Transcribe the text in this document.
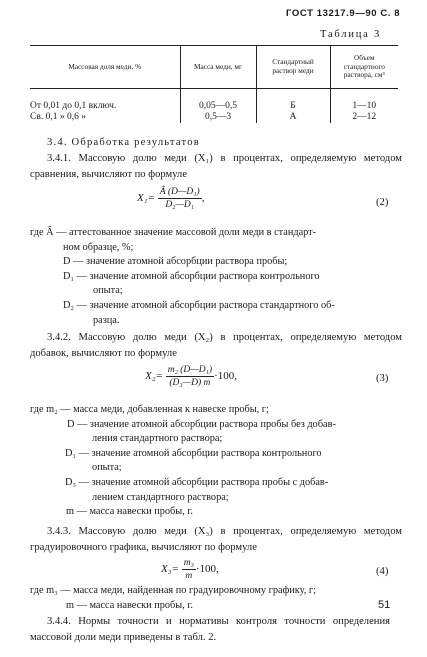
ГОСТ 13217.9—90 С. 8
Таблица 3
Массовая доля меди, %	Масса меди, мг	Стандартный раствор меди	Объем стандартного раствора, см³
От 0,01 до 0,1 включ.	0,05—0,5	Б	1—10
Св. 0,1 » 0,6 »	0,5—3	А	2—12
3.4. Обработка результатов
3.4.1. Массовую долю меди (X₁) в процентах, определяемую методом сравнения, вычисляют по формуле
$X_1= \frac{\text{Â (D—D₁)}}{\text{D₂—D₁}}$ ,	(2)
где Â — аттестованное значение массовой доли меди в стандарт-
ном образце, %;
D — значение атомной абсорбции раствора пробы;
D₁ — значение атомной абсорбции раствора контрольного
опыта;
D₂ — значение атомной абсорбции раствора стандартного об-
разца.
3.4.2. Массовую долю меди (X₂) в процентах, определяемую методом добавок, вычисляют по формуле
$X_2= \frac{\text{m₂ (D—D₁)}}{\text{(D₃—D) m}} \cdot 100$,	(3)
где m₂ — масса меди, добавленная к навеске пробы, г;
D — значение атомной абсорбции раствора пробы без добав-
ления стандартного раствора;
D₁ — значение атомной абсорбции раствора контрольного
опыта;
D₃ — значение атомной абсорбции раствора пробы с добав-
лением стандартного раствора;
m — масса навески пробы, г.
3.4.3. Массовую долю меди (X₃) в процентах, определяемую методом градуировочного графика, вычисляют по формуле
$X_3= \frac{\text{m₃}}{m} \cdot 100$,	(4)
где m₃ — масса меди, найденная по градуировочному графику, г;
m — масса навески пробы, г.
3.4.4. Нормы точности и нормативы контроля точности определения массовой доли меди приведены в табл. 2.
51
